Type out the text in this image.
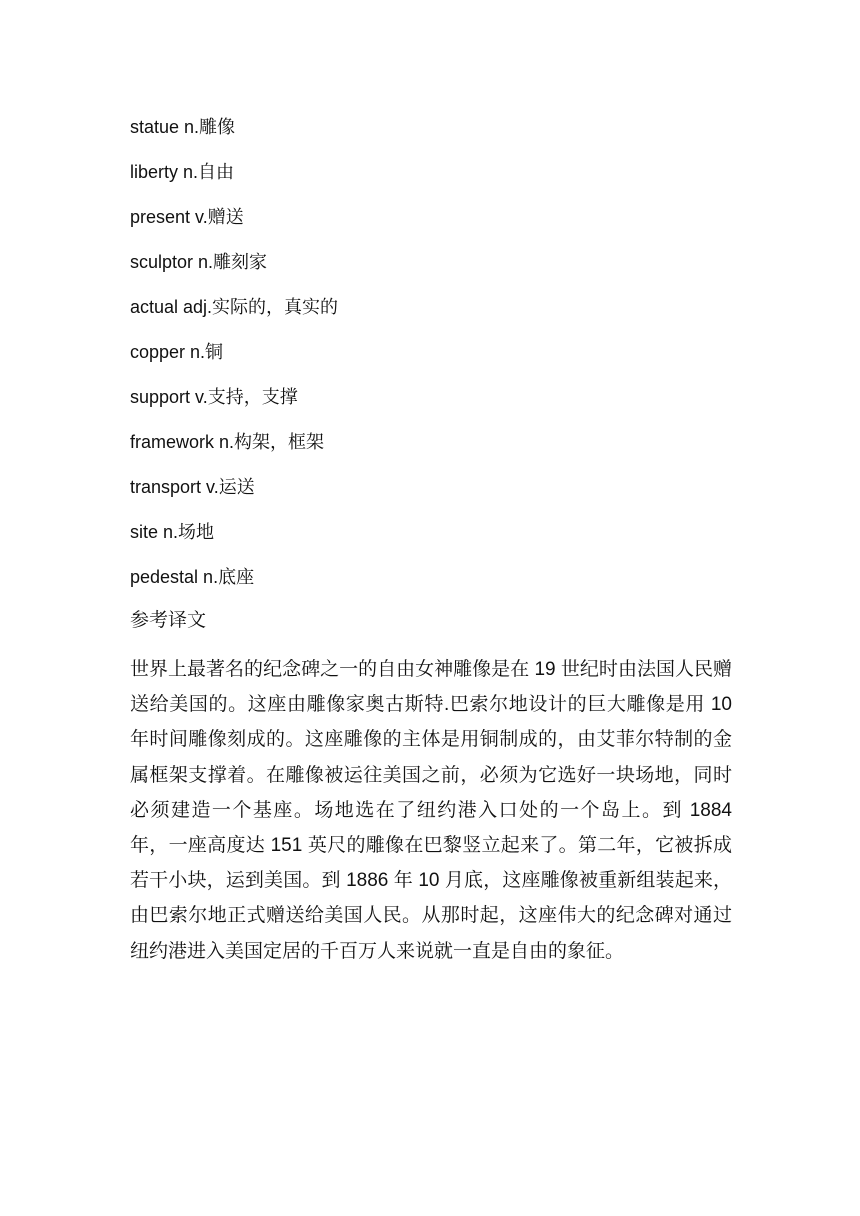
statue n.雕像
liberty n.自由
present v.赠送
sculptor n.雕刻家
actual adj.实际的，真实的
copper n.铜
support v.支持，支撑
framework n.构架，框架
transport v.运送
site n.场地
pedestal n.底座
参考译文

世界上最著名的纪念碑之一的自由女神雕像是在 19 世纪时由法国人民赠送给美国的。这座由雕像家奥古斯特.巴索尔地设计的巨大雕像是用 10 年时间雕像刻成的。这座雕像的主体是用铜制成的，由艾菲尔特制的金属框架支撑着。在雕像被运往美国之前，必须为它选好一块场地，同时必须建造一个基座。场地选在了纽约港入口处的一个岛上。到 1884 年，一座高度达 151 英尺的雕像在巴黎竖立起来了。第二年，它被拆成若干小块，运到美国。到 1886 年 10 月底，这座雕像被重新组装起来，由巴索尔地正式赠送给美国人民。从那时起，这座伟大的纪念碑对通过纽约港进入美国定居的千百万人来说就一直是自由的象征。
